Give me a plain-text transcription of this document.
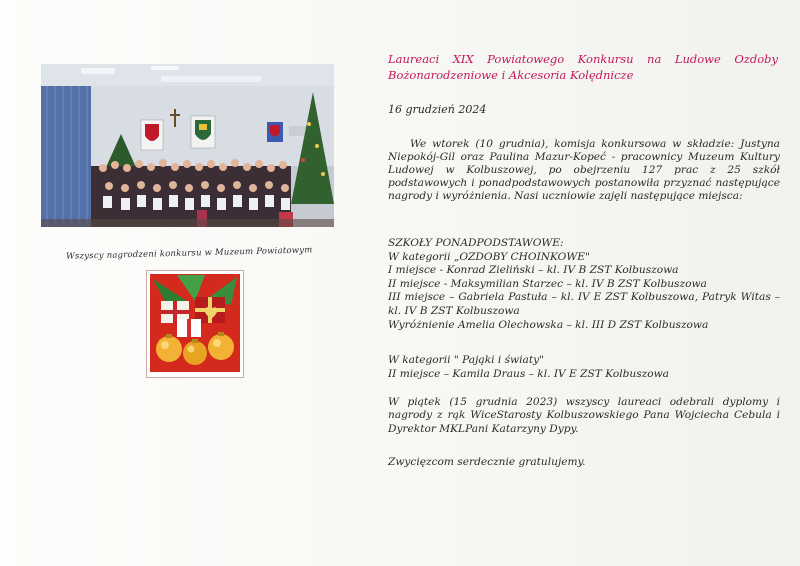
Wszyscy nagrodzeni konkursu w Muzeum Powiatowym
Laureaci XIX Powiatowego Konkursu na Ludowe Ozdoby Bożonarodzeniowe i Akcesoria Kolędnicze
16 grudzień 2024
We wtorek (10 grudnia), komisja konkursowa w składzie: Justyna Niepokój-Gil oraz Paulina Mazur-Kopeć - pracownicy Muzeum Kultury Ludowej w Kolbuszowej, po obejrzeniu 127 prac z 25 szkół podstawowych i ponadpodstawowych postanowiła przyznać następujące nagrody i wyróżnienia. Nasi uczniowie zajęli następujące miejsca:
SZKOŁY PONADPODSTAWOWE:
W kategorii „OZDOBY CHOINKOWE"
I miejsce - Konrad Zieliński – kl. IV B ZST Kolbuszowa
II miejsce - Maksymilian Starzec – kl. IV B ZST Kolbuszowa
III miejsce – Gabriela Pastuła – kl. IV E ZST Kolbuszowa, Patryk Witas – kl. IV B ZST Kolbuszowa
Wyróżnienie Amelia Olechowska – kl. III D ZST Kolbuszowa
W kategorii " Pająki i światy"
II miejsce – Kamila Draus – kl. IV E ZST Kolbuszowa
W piątek (15 grudnia 2023) wszyscy laureaci odebrali dyplomy i nagrody z rąk WiceStarosty Kolbuszowskiego Pana Wojciecha Cebula i Dyrektor MKLPani Katarzyny Dypy.
Zwycięzcom serdecznie gratulujemy.
